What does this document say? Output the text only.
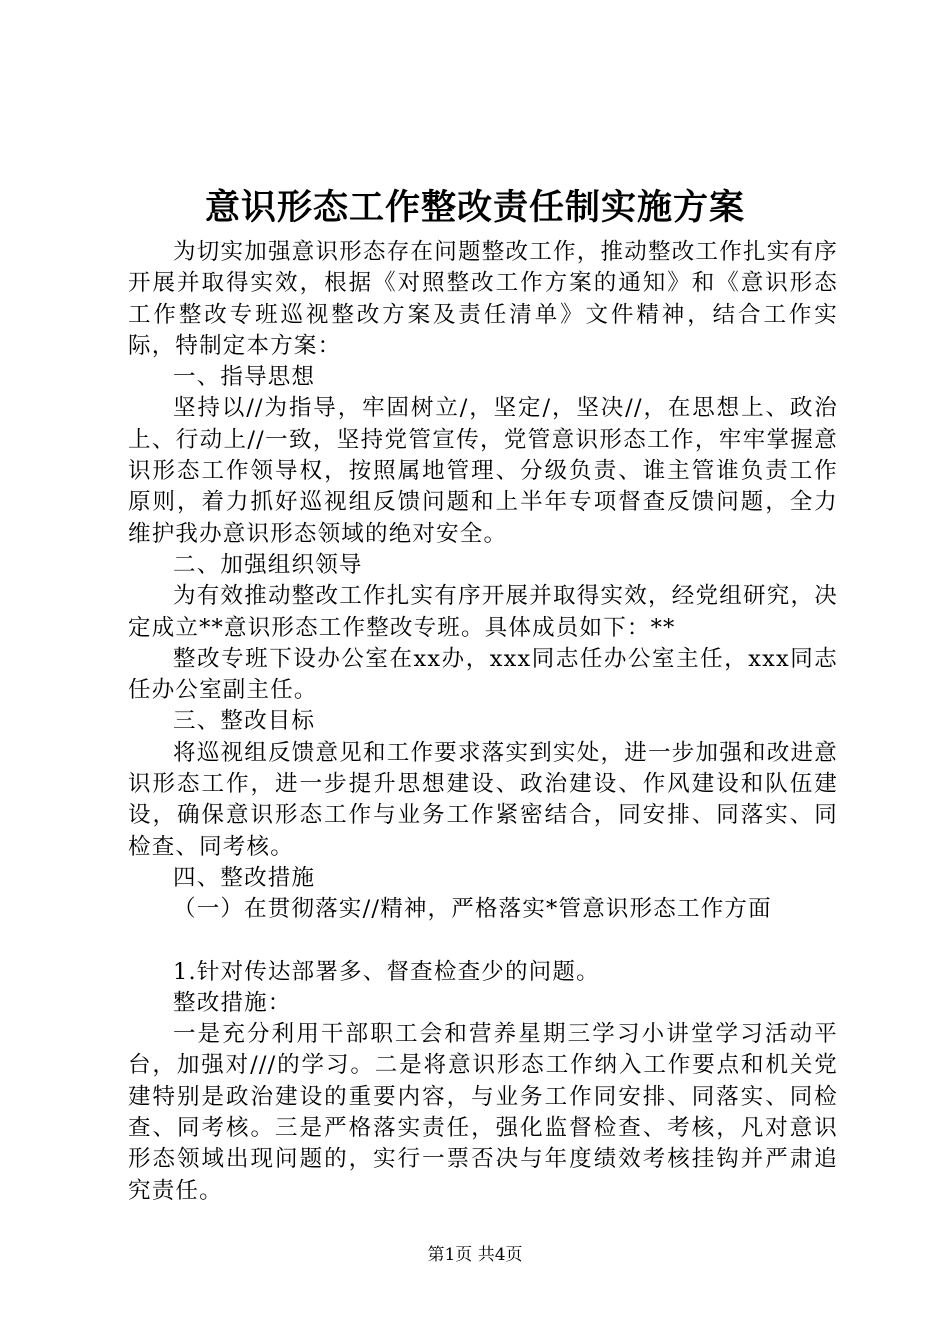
意识形态工作整改责任制实施方案

为切实加强意识形态存在问题整改工作，推动整改工作扎实有序开展并取得实效，根据《对照整改工作方案的通知》和《意识形态工作整改专班巡视整改方案及责任清单》文件精神，结合工作实际，特制定本方案：

一、指导思想

坚持以//为指导，牢固树立/，坚定/，坚决//，在思想上、政治上、行动上//一致，坚持党管宣传，党管意识形态工作，牢牢掌握意识形态工作领导权，按照属地管理、分级负责、谁主管谁负责工作原则，着力抓好巡视组反馈问题和上半年专项督查反馈问题，全力维护我办意识形态领域的绝对安全。

二、加强组织领导

为有效推动整改工作扎实有序开展并取得实效，经党组研究，决定成立**意识形态工作整改专班。具体成员如下：**

整改专班下设办公室在xx办，xxx同志任办公室主任，xxx同志任办公室副主任。

三、整改目标

将巡视组反馈意见和工作要求落实到实处，进一步加强和改进意识形态工作，进一步提升思想建设、政治建设、作风建设和队伍建设，确保意识形态工作与业务工作紧密结合，同安排、同落实、同检查、同考核。

四、整改措施

（一）在贯彻落实//精神，严格落实*管意识形态工作方面

1.针对传达部署多、督查检查少的问题。

整改措施：

一是充分利用干部职工会和营养星期三学习小讲堂学习活动平台，加强对///的学习。二是将意识形态工作纳入工作要点和机关党建特别是政治建设的重要内容，与业务工作同安排、同落实、同检查、同考核。三是严格落实责任，强化监督检查、考核，凡对意识形态领域出现问题的，实行一票否决与年度绩效考核挂钩并严肃追究责任。

第1页 共4页
